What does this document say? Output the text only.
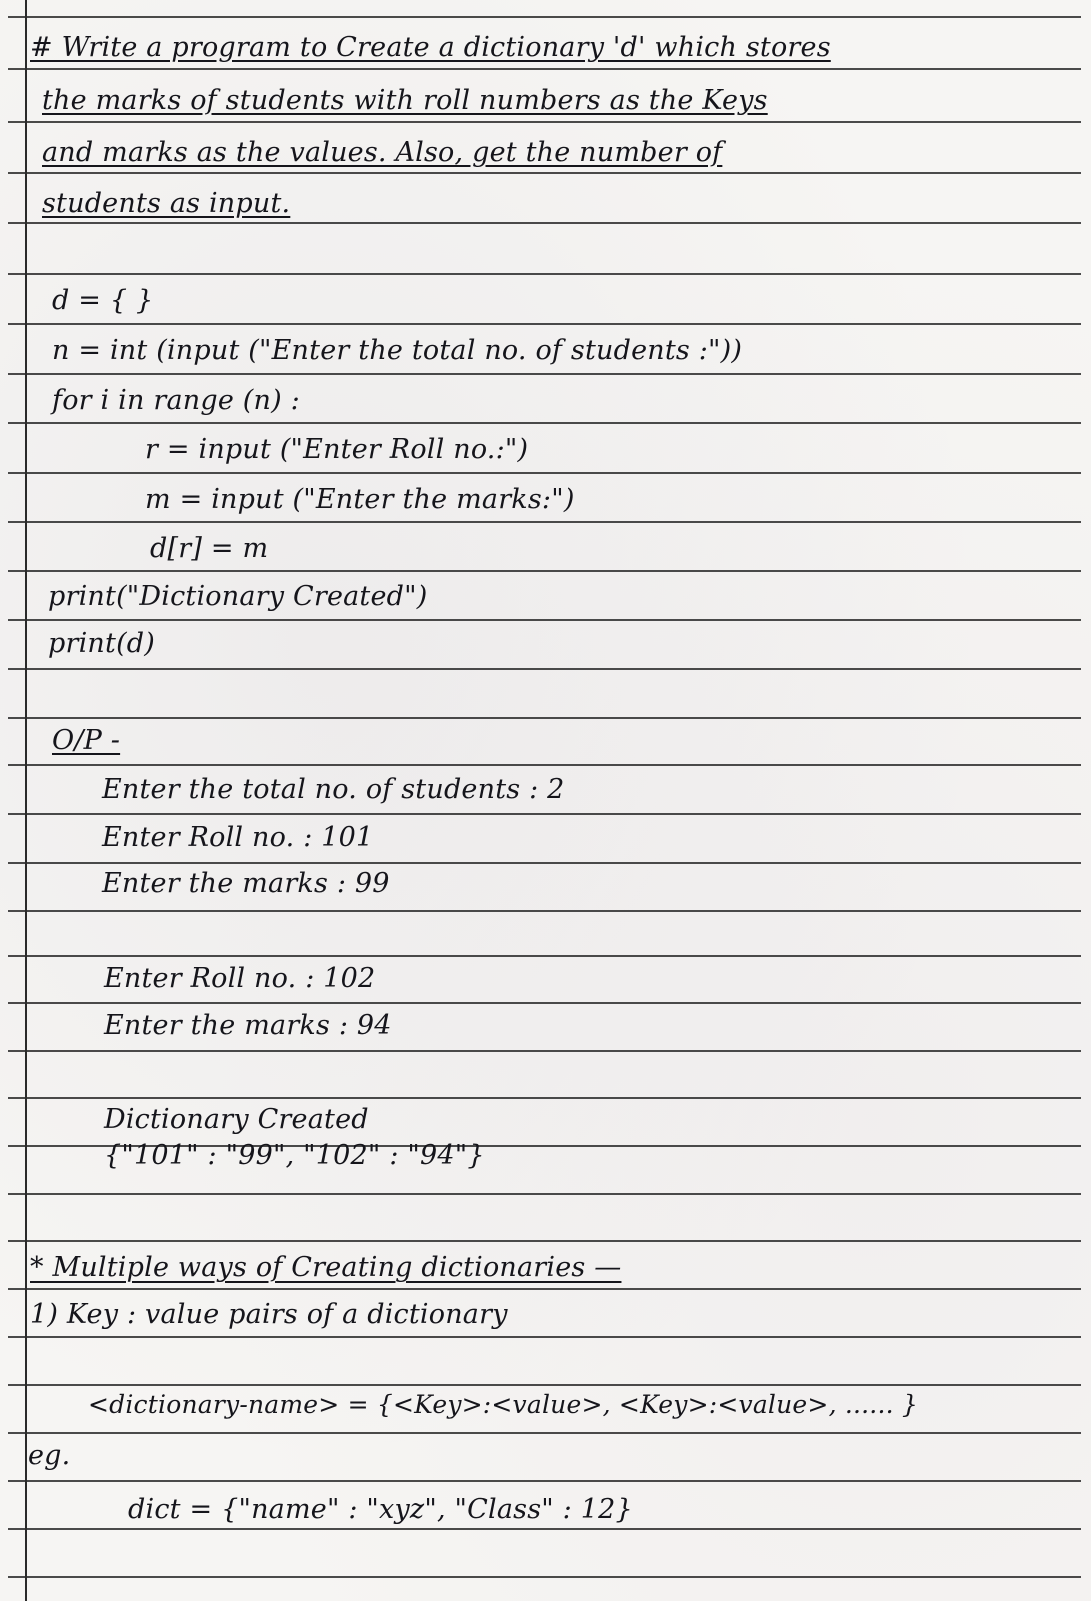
# Write a program to Create a dictionary 'd' which stores
the marks of students with roll numbers as the Keys
and marks as the values. Also, get the number of
students as input.
d = { }
n = int (input ("Enter the total no. of students :"))
for i in range (n) :
r = input ("Enter Roll no.:")
m = input ("Enter the marks:")
d[r] = m
print("Dictionary Created")
print(d)
O/P -
Enter the total no. of students : 2
Enter Roll no. : 101
Enter the marks : 99
Enter Roll no. : 102
Enter the marks : 94
Dictionary Created
{"101" : "99", "102" : "94"}
* Multiple ways of Creating dictionaries —
1) Key : value pairs of a dictionary
<dictionary-name> = {<Key>:<value>, <Key>:<value>, ...... }
eg.
dict = {"name" : "xyz", "Class" : 12}
